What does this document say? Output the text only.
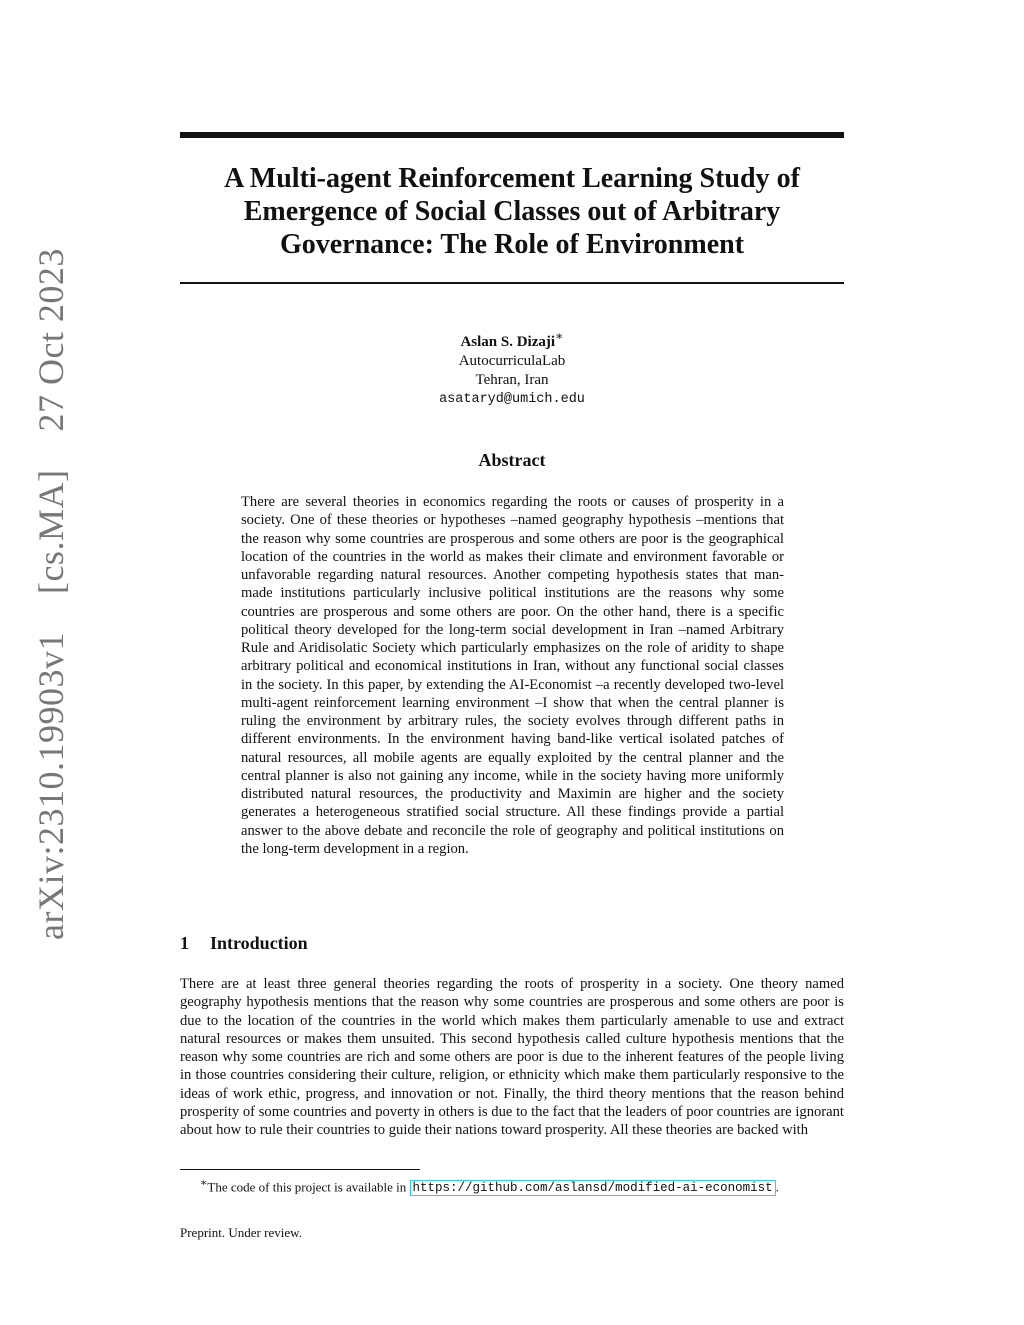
arXiv:2310.19903v1    [cs.MA]    27 Oct 2023
A Multi-agent Reinforcement Learning Study of Emergence of Social Classes out of Arbitrary Governance: The Role of Environment
Aslan S. Dizaji∗
AutocurriculaLab
Tehran, Iran
asataryd@umich.edu
Abstract

There are several theories in economics regarding the roots or causes of prosperity in a society. One of these theories or hypotheses –named geography hypothesis –mentions that the reason why some countries are prosperous and some others are poor is the geographical location of the countries in the world as makes their climate and environment favorable or unfavorable regarding natural resources. Another competing hypothesis states that man-made institutions particularly inclusive political institutions are the reasons why some countries are prosperous and some others are poor. On the other hand, there is a specific political theory developed for the long-term social development in Iran –named Arbitrary Rule and Aridisolatic Society which particularly emphasizes on the role of aridity to shape arbitrary political and economical institutions in Iran, without any functional social classes in the society. In this paper, by extending the AI-Economist –a recently developed two-level multi-agent reinforcement learning environment –I show that when the central planner is ruling the environment by arbitrary rules, the society evolves through different paths in different environments. In the environment having band-like vertical isolated patches of natural resources, all mobile agents are equally exploited by the central planner and the central planner is also not gaining any income, while in the society having more uniformly distributed natural resources, the productivity and Maximin are higher and the society generates a heterogeneous stratified social structure. All these findings provide a partial answer to the above debate and reconcile the role of geography and political institutions on the long-term development in a region.

1 Introduction

There are at least three general theories regarding the roots of prosperity in a society. One theory named geography hypothesis mentions that the reason why some countries are prosperous and some others are poor is due to the location of the countries in the world which makes them particularly amenable to use and extract natural resources or makes them unsuited. This second hypothesis called culture hypothesis mentions that the reason why some countries are rich and some others are poor is due to the inherent features of the people living in those countries considering their culture, religion, or ethnicity which make them particularly responsive to the ideas of work ethic, progress, and innovation or not. Finally, the third theory mentions that the reason behind prosperity of some countries and poverty in others is due to the fact that the leaders of poor countries are ignorant about how to rule their countries to guide their nations toward prosperity. All these theories are backed with

∗The code of this project is available in https://github.com/aslansd/modified-ai-economist .
Preprint. Under review.
